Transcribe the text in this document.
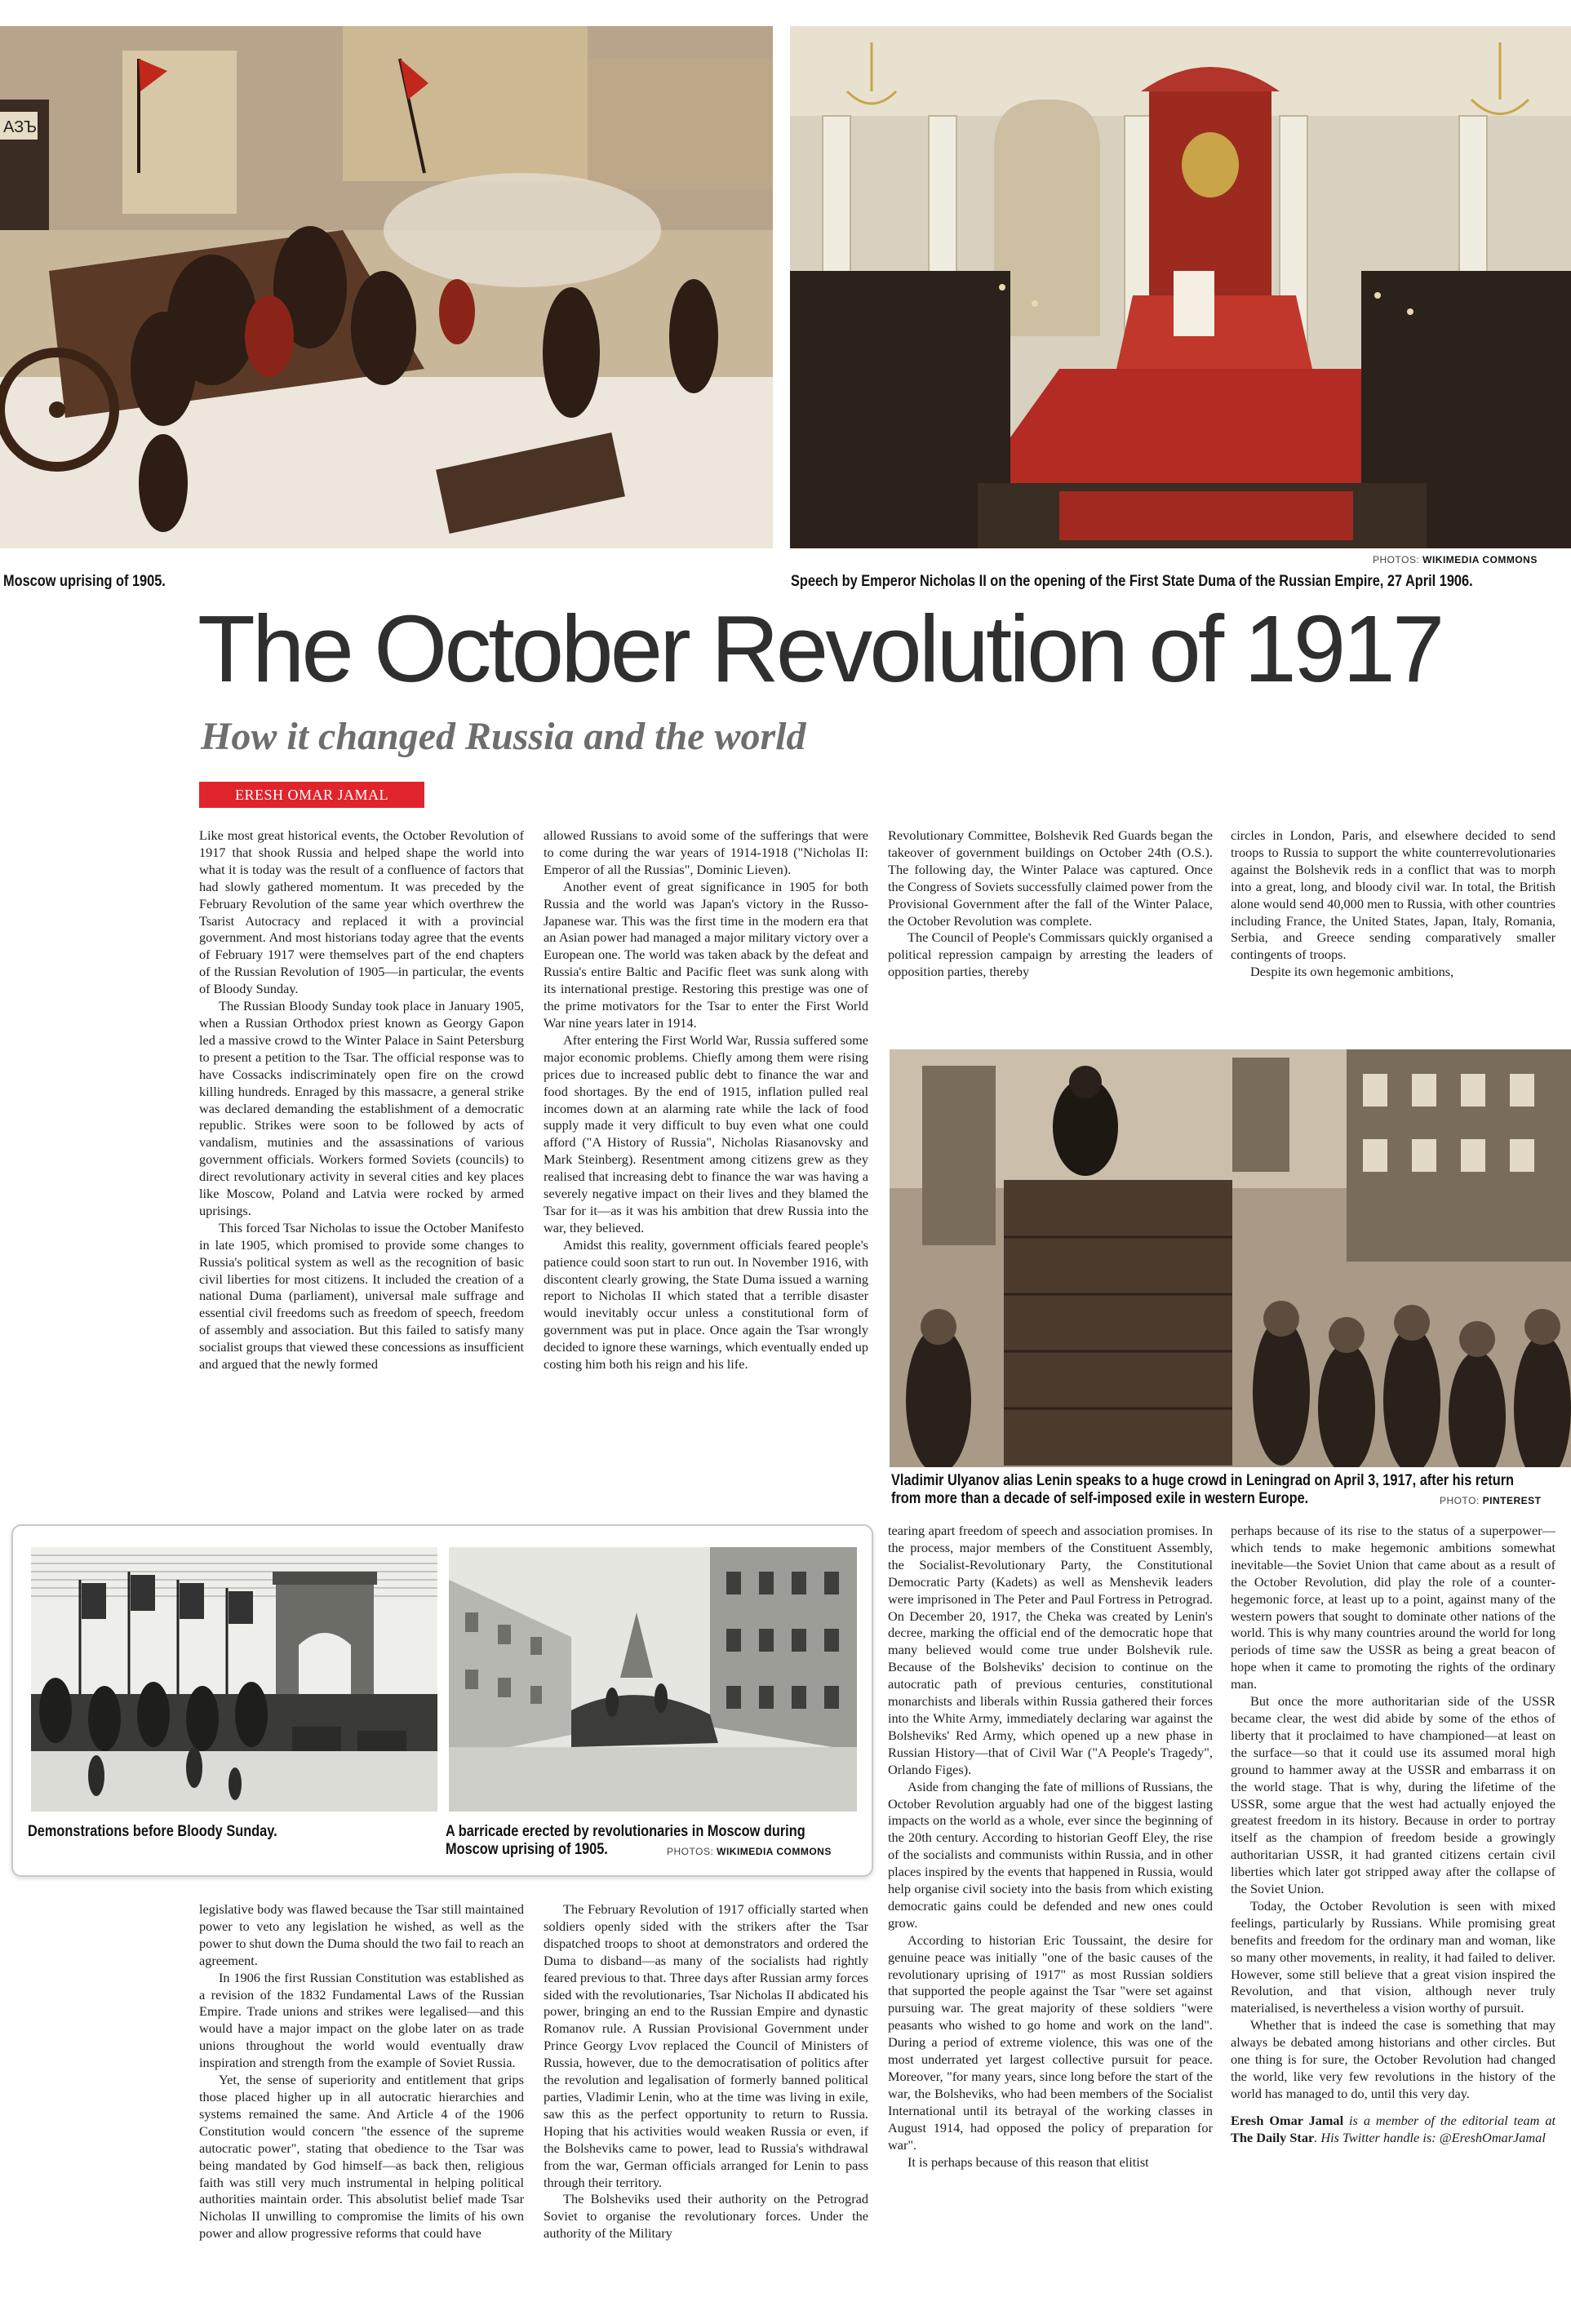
АЗЪ
Moscow uprising of 1905.	Speech by Emperor Nicholas II on the opening of the First State Duma of the Russian Empire, 27 April 1906.
PHOTOS: WIKIMEDIA COMMONS
The October Revolution of 1917
How it changed Russia and the world
ERESH OMAR JAMAL

Like most great historical events, the October Revolution of 1917 that shook Russia and helped shape the world into what it is today was the result of a confluence of factors that had slowly gathered momentum. It was preceded by the February Revolution of the same year which overthrew the Tsarist Autocracy and replaced it with a provincial government. And most historians today agree that the events of February 1917 were themselves part of the end chapters of the Russian Revolution of 1905—in particular, the events of Bloody Sunday.

The Russian Bloody Sunday took place in January 1905, when a Russian Orthodox priest known as Georgy Gapon led a massive crowd to the Winter Palace in Saint Petersburg to present a petition to the Tsar. The official response was to have Cossacks indiscriminately open fire on the crowd killing hundreds. Enraged by this massacre, a general strike was declared demanding the establishment of a democratic republic. Strikes were soon to be followed by acts of vandalism, mutinies and the assassinations of various government officials. Workers formed Soviets (councils) to direct revolutionary activity in several cities and key places like Moscow, Poland and Latvia were rocked by armed uprisings.

This forced Tsar Nicholas to issue the October Manifesto in late 1905, which promised to provide some changes to Russia's political system as well as the recognition of basic civil liberties for most citizens. It included the creation of a national Duma (parliament), universal male suffrage and essential civil freedoms such as freedom of speech, freedom of assembly and association. But this failed to satisfy many socialist groups that viewed these concessions as insufficient and argued that the newly formed

allowed Russians to avoid some of the sufferings that were to come during the war years of 1914-1918 ("Nicholas II: Emperor of all the Russias", Dominic Lieven).

Another event of great significance in 1905 for both Russia and the world was Japan's victory in the Russo-Japanese war. This was the first time in the modern era that an Asian power had managed a major military victory over a European one. The world was taken aback by the defeat and Russia's entire Baltic and Pacific fleet was sunk along with its international prestige. Restoring this prestige was one of the prime motivators for the Tsar to enter the First World War nine years later in 1914.

After entering the First World War, Russia suffered some major economic problems. Chiefly among them were rising prices due to increased public debt to finance the war and food shortages. By the end of 1915, inflation pulled real incomes down at an alarming rate while the lack of food supply made it very difficult to buy even what one could afford ("A History of Russia", Nicholas Riasanovsky and Mark Steinberg). Resentment among citizens grew as they realised that increasing debt to finance the war was having a severely negative impact on their lives and they blamed the Tsar for it—as it was his ambition that drew Russia into the war, they believed.

Amidst this reality, government officials feared people's patience could soon start to run out. In November 1916, with discontent clearly growing, the State Duma issued a warning report to Nicholas II which stated that a terrible disaster would inevitably occur unless a constitutional form of government was put in place. Once again the Tsar wrongly decided to ignore these warnings, which eventually ended up costing him both his reign and his life.

Revolutionary Committee, Bolshevik Red Guards began the takeover of government buildings on October 24th (O.S.). The following day, the Winter Palace was captured. Once the Congress of Soviets successfully claimed power from the Provisional Government after the fall of the Winter Palace, the October Revolution was complete.

The Council of People's Commissars quickly organised a political repression campaign by arresting the leaders of opposition parties, thereby

circles in London, Paris, and elsewhere decided to send troops to Russia to support the white counterrevolutionaries against the Bolshevik reds in a conflict that was to morph into a great, long, and bloody civil war. In total, the British alone would send 40,000 men to Russia, with other countries including France, the United States, Japan, Italy, Romania, Serbia, and Greece sending comparatively smaller contingents of troops.

Despite its own hegemonic ambitions,

Vladimir Ulyanov alias Lenin speaks to a huge crowd in Leningrad on April 3, 1917, after his return
from more than a decade of self-imposed exile in western Europe.	PHOTO: PINTEREST
Demonstrations before Bloody Sunday.	A barricade erected by revolutionaries in Moscow during
Moscow uprising of 1905.	PHOTOS: WIKIMEDIA COMMONS

legislative body was flawed because the Tsar still maintained power to veto any legislation he wished, as well as the power to shut down the Duma should the two fail to reach an agreement.

In 1906 the first Russian Constitution was established as a revision of the 1832 Fundamental Laws of the Russian Empire. Trade unions and strikes were legalised—and this would have a major impact on the globe later on as trade unions throughout the world would eventually draw inspiration and strength from the example of Soviet Russia.

Yet, the sense of superiority and entitlement that grips those placed higher up in all autocratic hierarchies and systems remained the same. And Article 4 of the 1906 Constitution would concern "the essence of the supreme autocratic power", stating that obedience to the Tsar was being mandated by God himself—as back then, religious faith was still very much instrumental in helping political authorities maintain order. This absolutist belief made Tsar Nicholas II unwilling to compromise the limits of his own power and allow progressive reforms that could have

The February Revolution of 1917 officially started when soldiers openly sided with the strikers after the Tsar dispatched troops to shoot at demonstrators and ordered the Duma to disband—as many of the socialists had rightly feared previous to that. Three days after Russian army forces sided with the revolutionaries, Tsar Nicholas II abdicated his power, bringing an end to the Russian Empire and dynastic Romanov rule. A Russian Provisional Government under Prince Georgy Lvov replaced the Council of Ministers of Russia, however, due to the democratisation of politics after the revolution and legalisation of formerly banned political parties, Vladimir Lenin, who at the time was living in exile, saw this as the perfect opportunity to return to Russia. Hoping that his activities would weaken Russia or even, if the Bolsheviks came to power, lead to Russia's withdrawal from the war, German officials arranged for Lenin to pass through their territory.

The Bolsheviks used their authority on the Petrograd Soviet to organise the revolutionary forces. Under the authority of the Military

tearing apart freedom of speech and association promises. In the process, major members of the Constituent Assembly, the Socialist-Revolutionary Party, the Constitutional Democratic Party (Kadets) as well as Menshevik leaders were imprisoned in The Peter and Paul Fortress in Petrograd. On December 20, 1917, the Cheka was created by Lenin's decree, marking the official end of the democratic hope that many believed would come true under Bolshevik rule. Because of the Bolsheviks' decision to continue on the autocratic path of previous centuries, constitutional monarchists and liberals within Russia gathered their forces into the White Army, immediately declaring war against the Bolsheviks' Red Army, which opened up a new phase in Russian History—that of Civil War ("A People's Tragedy", Orlando Figes).

Aside from changing the fate of millions of Russians, the October Revolution arguably had one of the biggest lasting impacts on the world as a whole, ever since the beginning of the 20th century. According to historian Geoff Eley, the rise of the socialists and communists within Russia, and in other places inspired by the events that happened in Russia, would help organise civil society into the basis from which existing democratic gains could be defended and new ones could grow.

According to historian Eric Toussaint, the desire for genuine peace was initially "one of the basic causes of the revolutionary uprising of 1917" as most Russian soldiers that supported the people against the Tsar "were set against pursuing war. The great majority of these soldiers "were peasants who wished to go home and work on the land". During a period of extreme violence, this was one of the most underrated yet largest collective pursuit for peace. Moreover, "for many years, since long before the start of the war, the Bolsheviks, who had been members of the Socialist International until its betrayal of the working classes in August 1914, had opposed the policy of preparation for war".

It is perhaps because of this reason that elitist

perhaps because of its rise to the status of a superpower—which tends to make hegemonic ambitions somewhat inevitable—the Soviet Union that came about as a result of the October Revolution, did play the role of a counter-hegemonic force, at least up to a point, against many of the western powers that sought to dominate other nations of the world. This is why many countries around the world for long periods of time saw the USSR as being a great beacon of hope when it came to promoting the rights of the ordinary man.

But once the more authoritarian side of the USSR became clear, the west did abide by some of the ethos of liberty that it proclaimed to have championed—at least on the surface—so that it could use its assumed moral high ground to hammer away at the USSR and embarrass it on the world stage. That is why, during the lifetime of the USSR, some argue that the west had actually enjoyed the greatest freedom in its history. Because in order to portray itself as the champion of freedom beside a growingly authoritarian USSR, it had granted citizens certain civil liberties which later got stripped away after the collapse of the Soviet Union.

Today, the October Revolution is seen with mixed feelings, particularly by Russians. While promising great benefits and freedom for the ordinary man and woman, like so many other movements, in reality, it had failed to deliver. However, some still believe that a great vision inspired the Revolution, and that vision, although never truly materialised, is nevertheless a vision worthy of pursuit.

Whether that is indeed the case is something that may always be debated among historians and other circles. But one thing is for sure, the October Revolution had changed the world, like very few revolutions in the history of the world has managed to do, until this very day.

Eresh Omar Jamal is a member of the editorial team at The Daily Star. His Twitter handle is: @EreshOmarJamal
